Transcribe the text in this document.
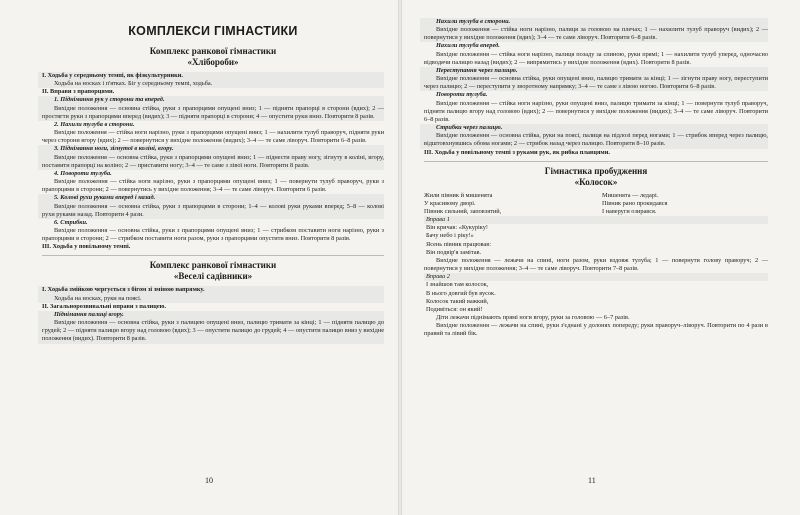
КОМПЛЕКСИ ГІМНАСТИКИ
Комплекс ранкової гімнастики
«Хлібороби»

І. Ходьба у середньому темпі, як фізкультурники.

Ходьба на носках і п'ятках. Біг у середньому темпі, ходьба.

ІІ. Вправи з прапорцями.

1. Піднімання рук у сторони та вперед.

Вихідне положення — основна стійка, руки з прапорцями опущені вниз; 1 — підняти прапорці в сторони (вдих); 2 — простягти руки з прапорцями вперед (видих); 3 — підняти прапорці в сторони; 4 — опустити руки вниз. Повторити 8 разів.

2. Нахили тулуба в сторони.

Вихідне положення — стійка ноги нарізно, руки з прапорцями опущені вниз; 1 — нахилити тулуб праворуч, підняти руки через сторони вгору (вдих); 2 — повернутися у вихідне положення (видих); 3–4 — те саме ліворуч. Повторити 6–8 разів.

3. Піднімання ноги, зігнутої в коліні, вгору.

Вихідне положення — основна стійка, руки з прапорцями опущені вниз; 1 — піднести праву ногу, зігнуту в коліні, вгору, поставити прапорці на коліно; 2 — приставити ногу; 3–4 — те саме з лівої ноги. Повторити 8 разів.

4. Повороти тулуба.

Вихідне положення — стійка ноги нарізно, руки з прапорцями опущені вниз; 1 — повернути тулуб праворуч, руки з прапорцями в сторони; 2 — повернутись у вихідне положення; 3–4 — те саме ліворуч. Повторити 6 разів.

5. Колові рухи руками вперед і назад.

Вихідне положення — основна стійка, руки з прапорцями в сторони; 1–4 — колові руки руками вперед; 5–8 — колові рухи руками назад. Повторити 4 рази.

6. Стрибки.

Вихідне положення — основна стійка, руки з прапорцями опущені вниз; 1 — стрибком поставити ноги нарізно, руки з прапорцями в сторони; 2 — стрибком поставити ноги разом, руки з прапорцями опустити вниз. Повторити 8 разів.

ІІІ. Ходьба у повільному темпі.

Комплекс ранкової гімнастики
«Веселі садівники»

І. Ходьба змійкою чергується з бігом зі зміною напрямку.

Ходьба на носках, руки на поясі.

ІІ. Загальнорозвивальні вправи з палицею.

Піднімання палиці вгору.

Вихідне положення — основна стійка, руки з палицею опущені вниз, палицю тримати за кінці; 1 — підняти палицю до грудей; 2 — підняти палицю вгору над головою (вдих); 3 — опустити палицю до грудей; 4 — опустити палицю вниз у вихідне положення (видих). Повторити 8 разів.

10
Нахили тулуба в сторони.

Вихідне положення — стійка ноги нарізно, палиця за головою на плечах; 1 — нахилити тулуб праворуч (видих); 2 — повернутися у вихідне положення (вдих); 3–4 — те саме ліворуч. Повторити 6–8 разів.

Нахили тулуба вперед.

Вихідне положення — стійка ноги нарізно, палиця позаду за спиною, руки прямі; 1 — нахилити тулуб уперед, одночасно відводячи палицю назад (видих); 2 — випрямитись у вихідне положення (вдих). Повторити 8 разів.

Переступання через палицю.

Вихідне положення — основна стійка, руки опущені вниз, палицю тримати за кінці; 1 — зігнути праву ногу, переступити через палицю; 2 — переступити у зворотному напрямку; 3–4 — те саме з лівою ногою. Повторити 6–8 разів.

Повороти тулуба.

Вихідне положення — стійка ноги нарізно, руки опущені вниз, палицю тримати за кінці; 1 — повернути тулуб праворуч, підняти палицю вгору над головою (вдих); 2 — повернутися у вихідне положення (видих); 3–4 — те саме ліворуч. Повторити 6–8 разів.

Стрибки через палицю.

Вихідне положення — основна стійка, руки на поясі, палиця на підлозі перед ногами; 1 — стрибок вперед через палицю, відштовхнувшись обома ногами; 2 — стрибок назад через палицю. Повторити 8–10 разів.

ІІІ. Ходьба у повільному темпі з руками рук, як рибка плавцями.

Гімнастика пробудження
«Колосок»
Жили півник й мишенята
У красивому дворі.
Півник сильний, заповзятий,
Мишенята — ледарі.
Півник рано прокидався
І наверуги озирався.
Вправа 1
Він кричав: «Кукуріку!
Бачу небо і ріку!»
Ясень півник працював:
Він подвір'я замітав.

Вихідне положення — лежачи на спині, ноги разом, руки вздовж тулуба; 1 — повернути голову праворуч; 2 — повернутися у вихідне положення; 3–4 — те саме ліворуч. Повторити 7–8 разів.

Вправа 2
І знайшов там колосок,
В нього довгий був вусок.
Колосок такий важкий,
Подивіться: он який!

Діти лежачи піднімають прямі ноги вгору, руки за головою — 6–7 разів.

Вихідне положення — лежачи на спині, руки з'єднані у долонях попереду; руки праворуч–ліворуч. Повторити по 4 рази в правий та лівий бік.

11
